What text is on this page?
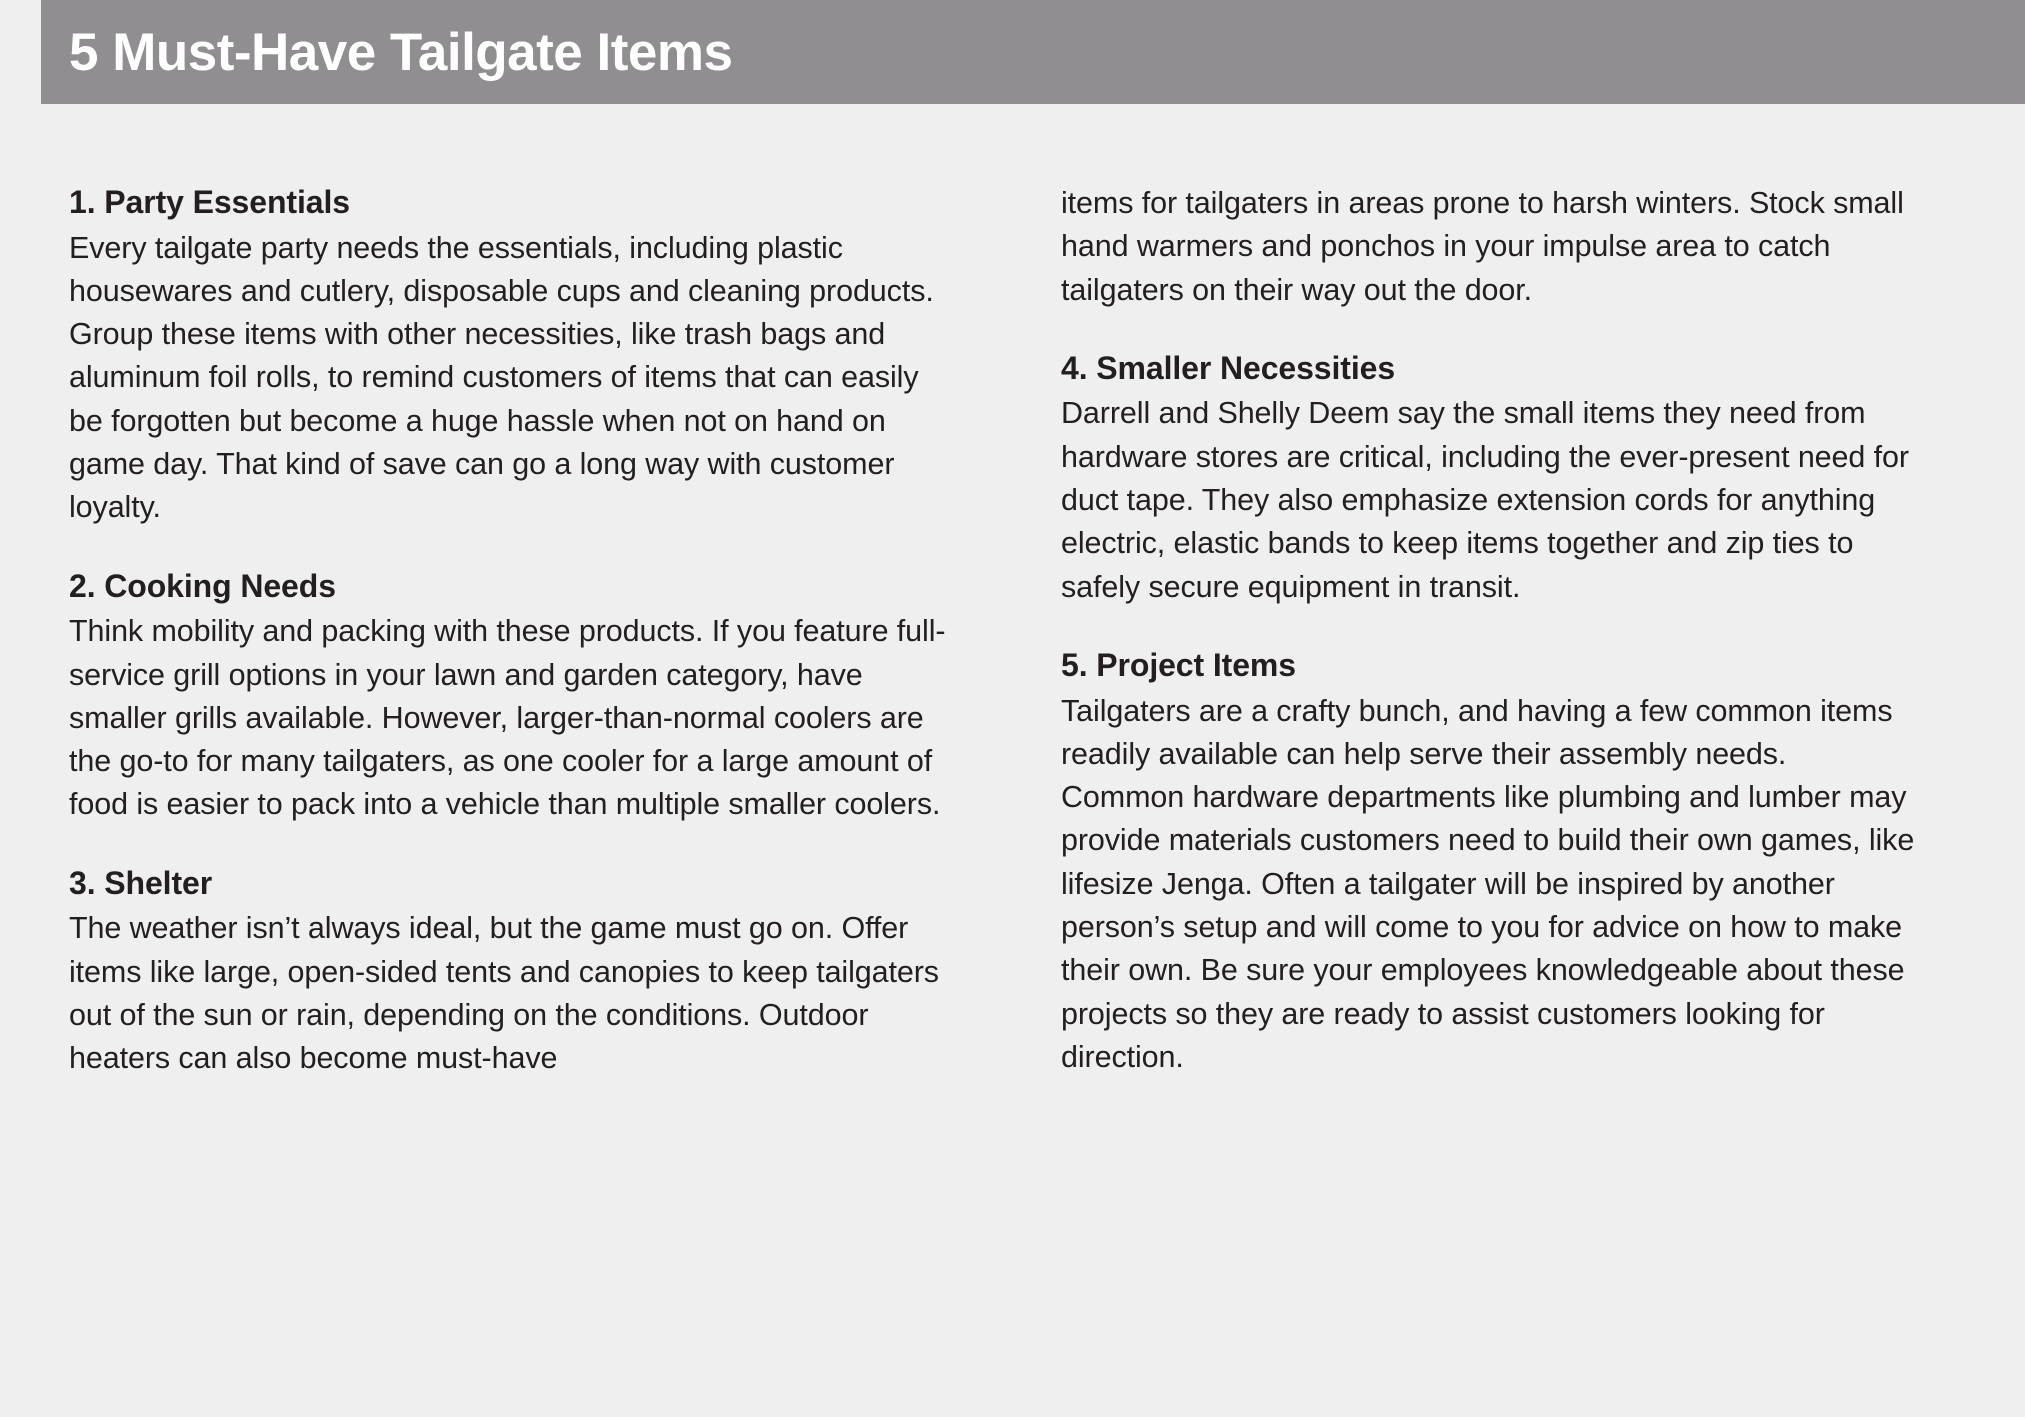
5 Must-Have Tailgate Items
1. Party Essentials

Every tailgate party needs the essentials, including plastic housewares and cutlery, disposable cups and cleaning products. Group these items with other necessities, like trash bags and aluminum foil rolls, to remind customers of items that can easily be forgotten but become a huge hassle when not on hand on game day. That kind of save can go a long way with customer loyalty.

2. Cooking Needs

Think mobility and packing with these products. If you feature full-service grill options in your lawn and garden category, have smaller grills available. However, larger-than-normal coolers are the go-to for many tailgaters, as one cooler for a large amount of food is easier to pack into a vehicle than multiple smaller coolers.

3. Shelter

The weather isn’t always ideal, but the game must go on. Offer items like large, open-sided tents and canopies to keep tailgaters out of the sun or rain, depending on the conditions. Outdoor heaters can also become must-have

items for tailgaters in areas prone to harsh winters. Stock small hand warmers and ponchos in your impulse area to catch tailgaters on their way out the door.

4. Smaller Necessities

Darrell and Shelly Deem say the small items they need from hardware stores are critical, including the ever-present need for duct tape. They also emphasize extension cords for anything electric, elastic bands to keep items together and zip ties to safely secure equipment in transit.

5. Project Items

Tailgaters are a crafty bunch, and having a few common items readily available can help serve their assembly needs. Common hardware departments like plumbing and lumber may provide materials customers need to build their own games, like lifesize Jenga. Often a tailgater will be inspired by another person’s setup and will come to you for advice on how to make their own. Be sure your employees knowledgeable about these projects so they are ready to assist customers looking for direction.
